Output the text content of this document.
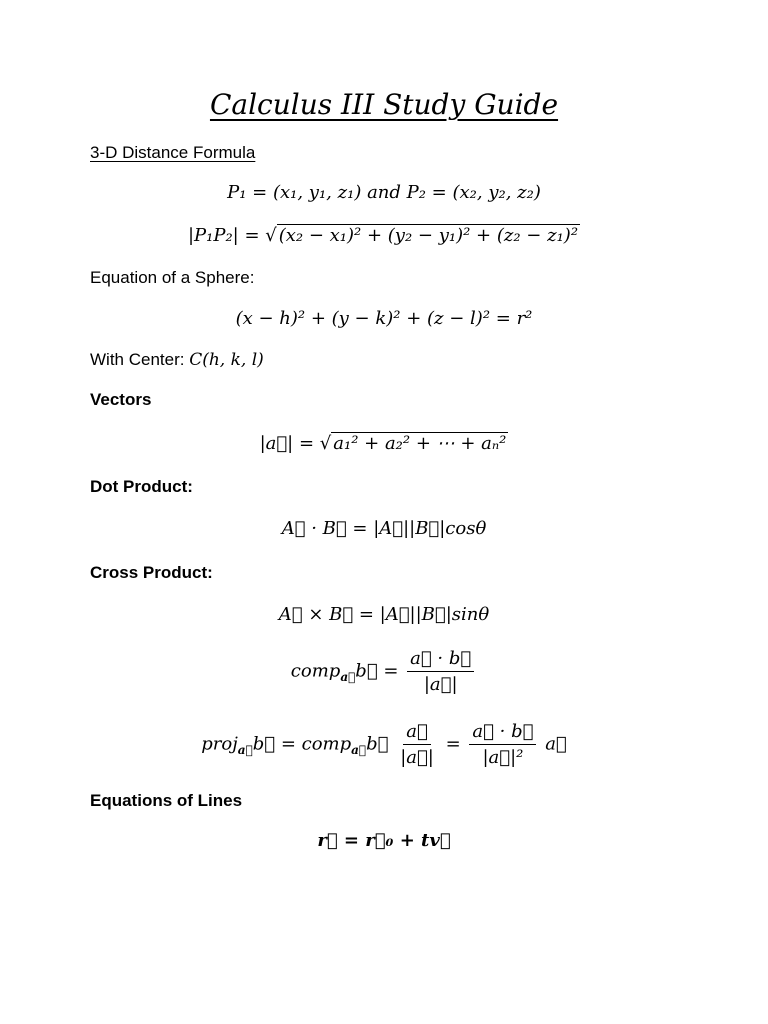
Calculus III Study Guide
3-D Distance Formula
P₁ = (x₁, y₁, z₁) and P₂ = (x₂, y₂, z₂)
|P₁P₂| = √ (x₂ − x₁)² + (y₂ − y₁)² + (z₂ − z₁)²
Equation of a Sphere:
(x − h)² + (y − k)² + (z − l)² = r²
With Center: C(h, k, l)
Vectors
|a⃗| = √ a₁² + a₂² + ⋯ + aₙ²
Dot Product:
A⃗ · B⃗ = |A⃗||B⃗|cosθ
Cross Product:
A⃗ × B⃗ = |A⃗||B⃗|sinθ
comp$_{a⃗}$b⃗ = $\frac{a⃗ \cdot b⃗}{|a⃗|}$
proj$_{a⃗}$b⃗ = comp$_{a⃗}$b⃗ $\frac{a⃗}{|a⃗|} = \frac{a⃗ \cdot b⃗}{\text{|a⃗|²}}$ a⃗
Equations of Lines
r⃗ = r⃗₀ + tv⃗
